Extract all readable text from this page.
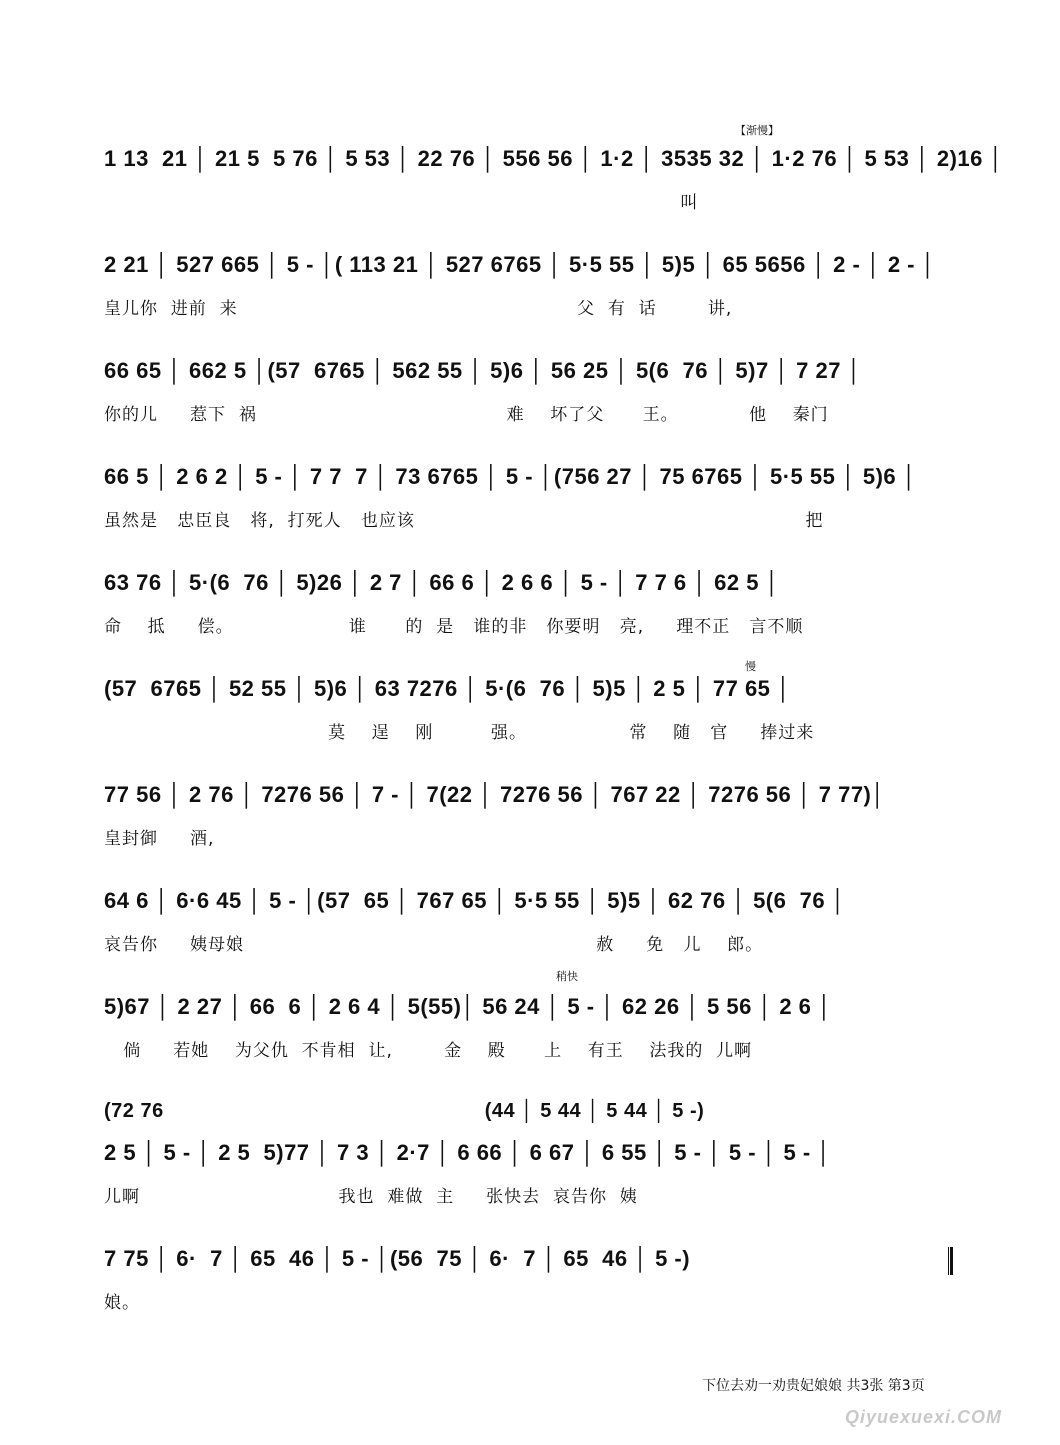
【渐慢】
慢
稍快
1 13  21 │ 21 5  5 76 │ 5 53 │ 22 76 │ 556 56 │ 1·2 │ 3535 32 │ 1·2 76 │ 5 53 │ 2)16 │
叫
2 21 │ 527 665 │ 5 - │( 113 21 │ 527 6765 │ 5·5 55 │ 5)5 │ 65 5656 │ 2 - │ 2 - │
皇儿你  进前  来                                                     父  有  话        讲,
66 65 │ 662 5 │(57  6765 │ 562 55 │ 5)6 │ 56 25 │ 5(6  76 │ 5)7 │ 7 27 │
你的儿     惹下  祸                                       难    坏了父      王。           他    秦门
66 5 │ 2 6 2 │ 5 - │ 7 7  7 │ 73 6765 │ 5 - │(756 27 │ 75 6765 │ 5·5 55 │ 5)6 │
虽然是   忠臣良   将,  打死人   也应该                                                             把
63 76 │ 5·(6  76 │ 5)26 │ 2 7 │ 66 6 │ 2 6 6 │ 5 - │ 7 7 6 │ 62 5 │
命    抵     偿。                  谁      的  是   谁的非   你要明   亮,     理不正   言不顺
(57  6765 │ 52 55 │ 5)6 │ 63 7276 │ 5·(6  76 │ 5)5 │ 2 5 │ 77 65 │
莫    逞    刚         强。                常    随   官     捧过来
77 56 │ 2 76 │ 7276 56 │ 7 - │ 7(22 │ 7276 56 │ 767 22 │ 7276 56 │ 7 77)│
皇封御     酒,
64 6 │ 6·6 45 │ 5 - │(57  65 │ 767 65 │ 5·5 55 │ 5)5 │ 62 76 │ 5(6  76 │
哀告你     姨母娘                                                       赦     免   儿    郎。
5)67 │ 2 27 │ 66  6 │ 2 6 4 │ 5(55)│ 56 24 │ 5 - │ 62 26 │ 5 56 │ 2 6 │
倘     若她    为父仇  不肯相  让,        金    殿      上    有王    法我的  儿啊
(72 76                                                     (44 │ 5 44 │ 5 44 │ 5 -)
2 5 │ 5 - │ 2 5  5)77 │ 7 3 │ 2·7 │ 6 66 │ 6 67 │ 6 55 │ 5 - │ 5 - │ 5 - │
儿啊                               我也  难做  主     张快去  哀告你  姨
7 75 │ 6·  7 │ 65  46 │ 5 - │(56  75 │ 6·  7 │ 65  46 │ 5 -)
娘。
下位去劝一劝贵妃娘娘 共3张 第3页
Qiyuexuexi.COM
